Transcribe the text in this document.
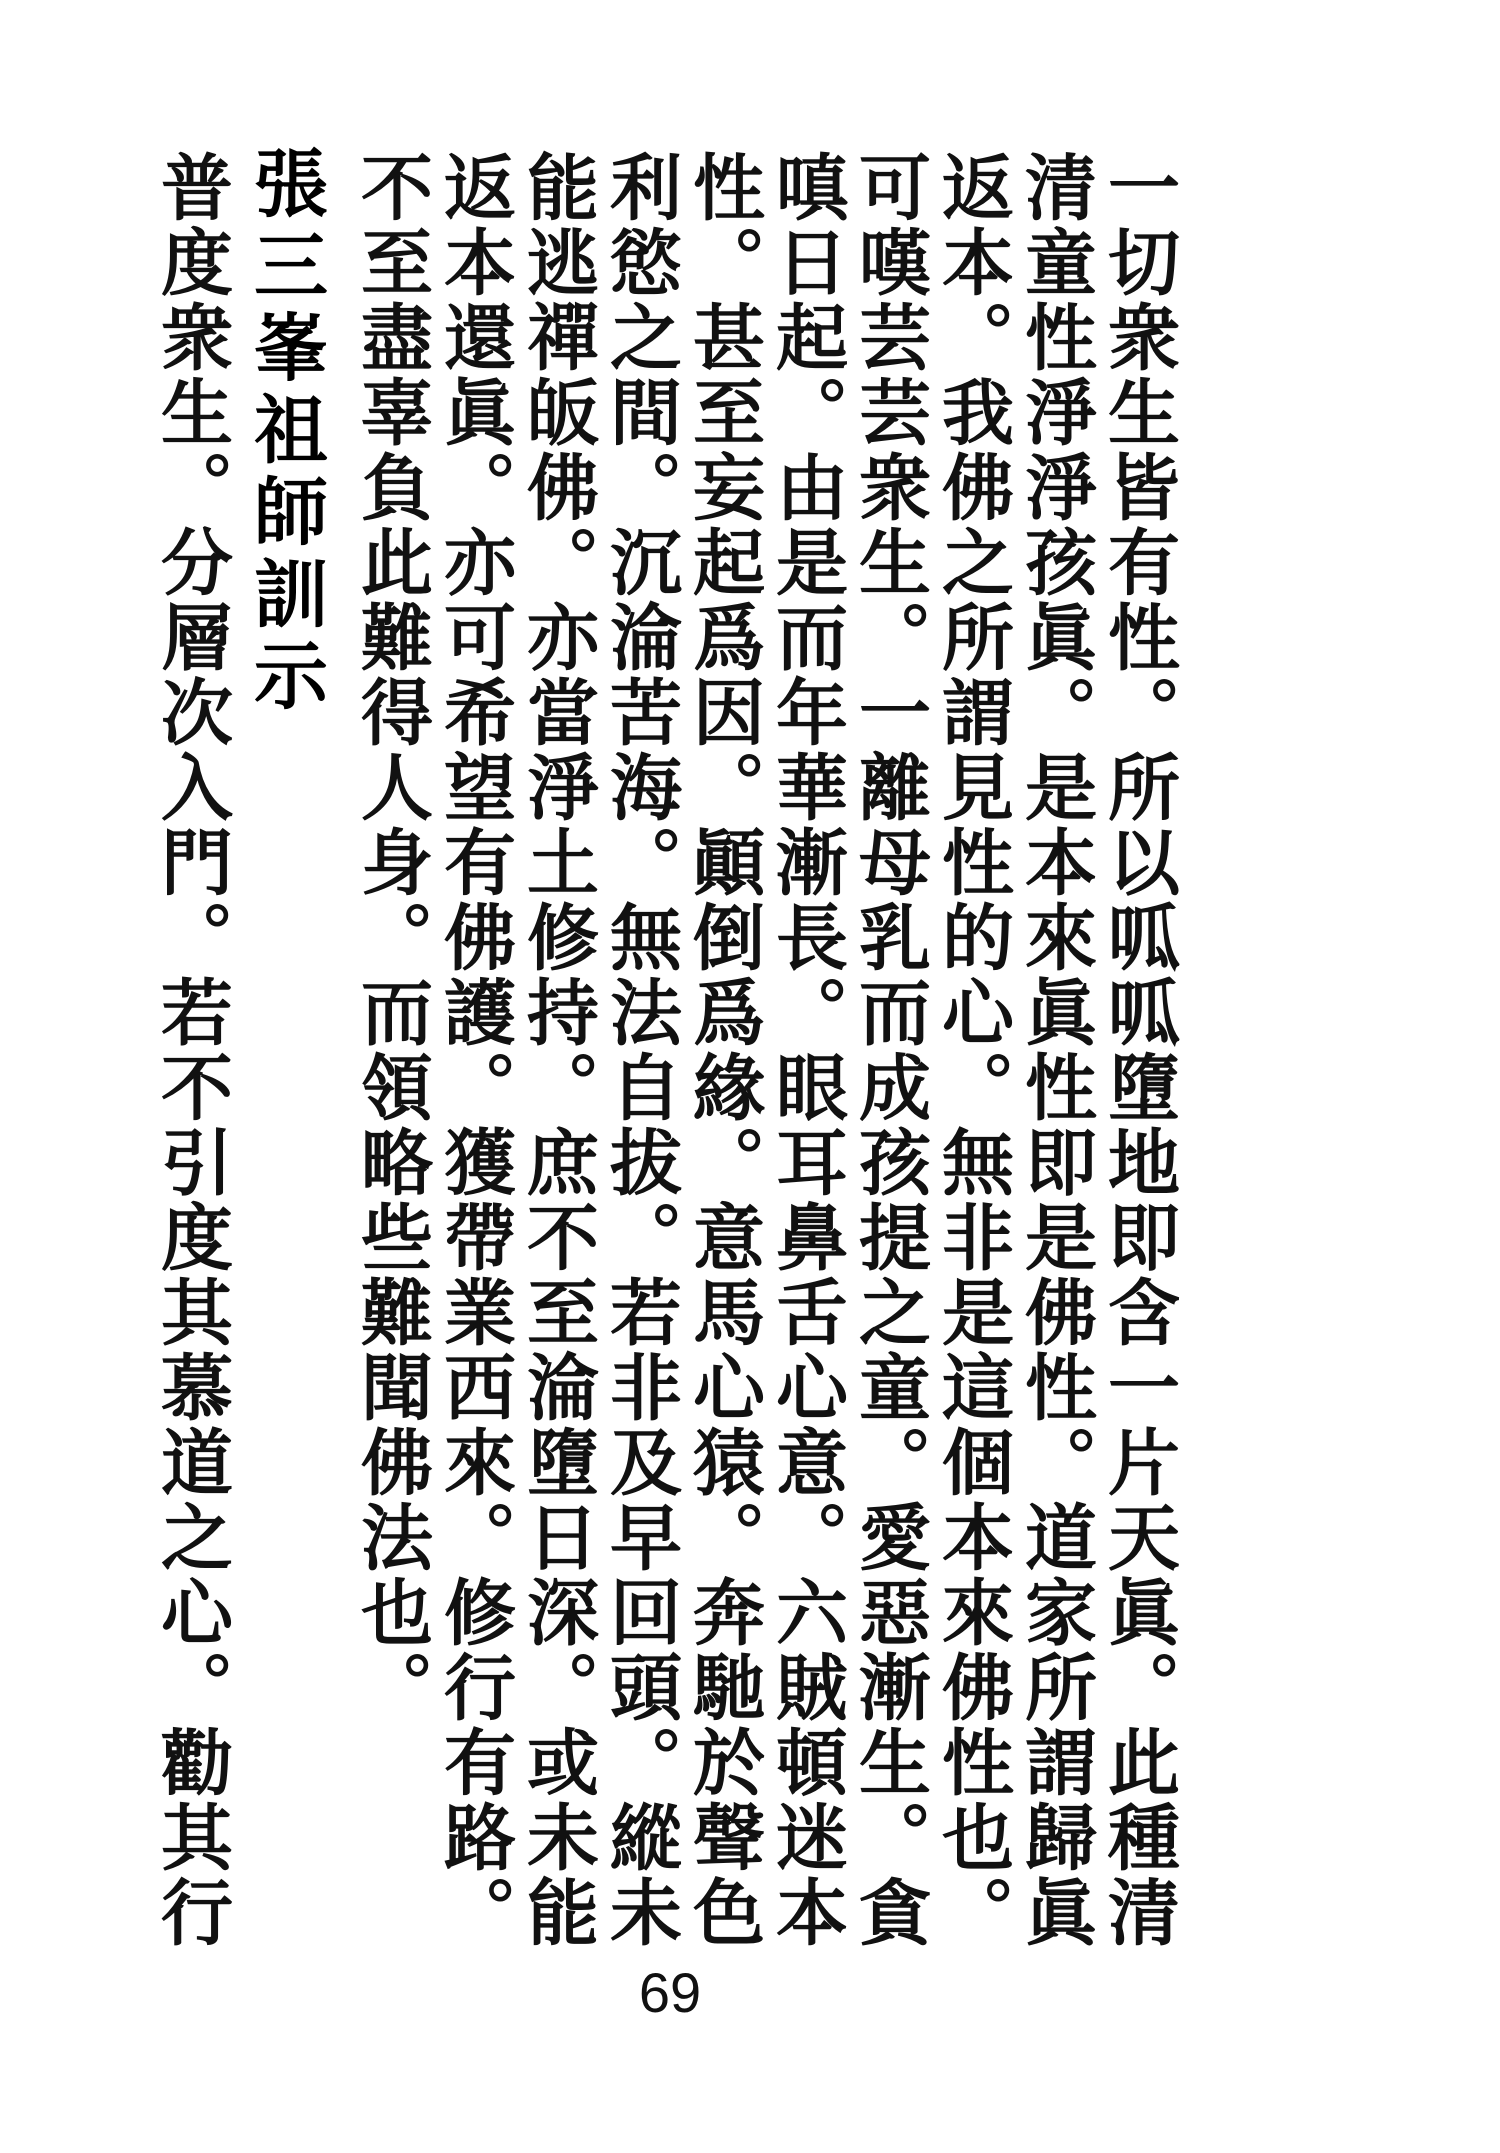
一切衆生皆有性。所以呱呱墮地即含一片天眞。此種清
清童性淨淨孩眞。是本來眞性即是佛性。道家所謂歸眞
返本。我佛之所謂見性的心。無非是這個本來佛性也。
可嘆芸芸衆生。一離母乳而成孩提之童。愛惡漸生。貪
嗔日起。由是而年華漸長。眼耳鼻舌心意。六賊頓迷本
性。甚至妄起爲因。顚倒爲緣。意馬心猿。奔馳於聲色
利慾之間。沉淪苦海。無法自拔。若非及早回頭。縱未
能逃禪皈佛。亦當淨土修持。庶不至淪墮日深。或未能
返本還眞。亦可希望有佛護。獲帶業西來。修行有路。
不至盡辜負此難得人身。而領略些難聞佛法也。
張三峯祖師訓示
普度衆生。分層次入門。若不引度其慕道之心。勸其行
69
